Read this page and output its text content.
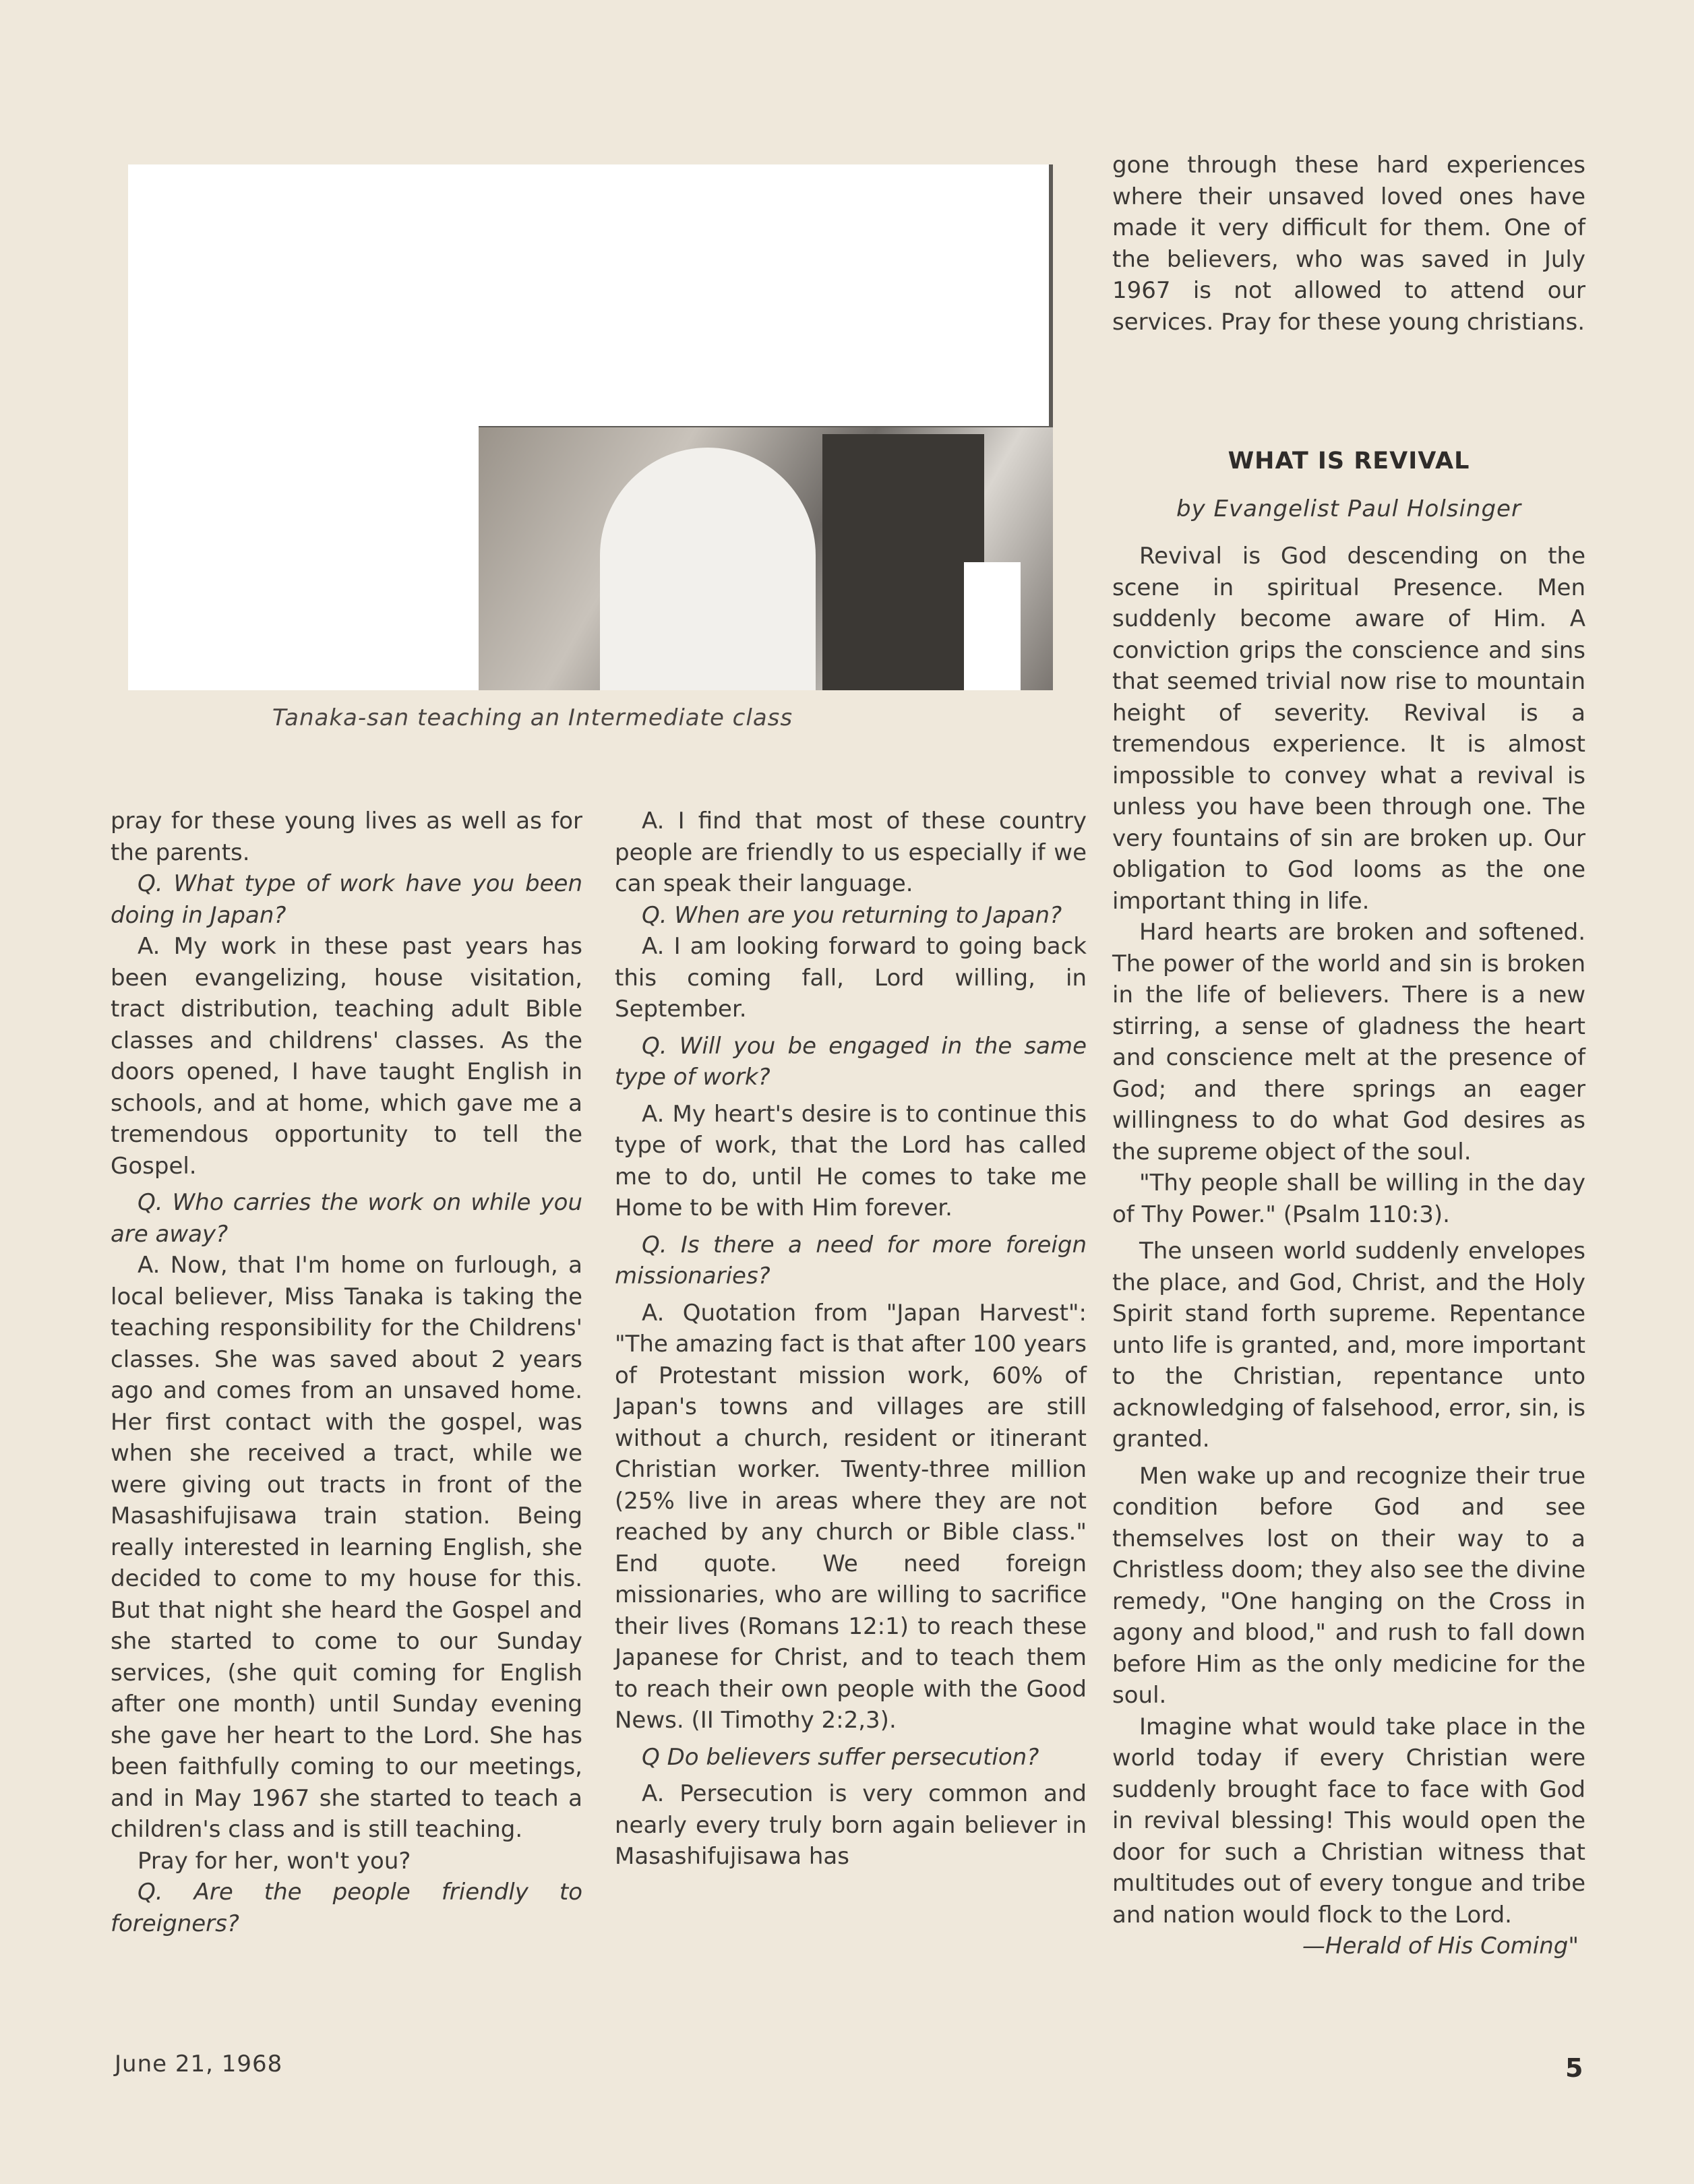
Tanaka-san teaching an Intermediate class

pray for these young lives as well as for the parents.

Q. What type of work have you been doing in Japan?

A. My work in these past years has been evangelizing, house visitation, tract distribution, teaching adult Bible classes and childrens' classes. As the doors opened, I have taught English in schools, and at home, which gave me a tremendous opportunity to tell the Gospel.

Q. Who carries the work on while you are away?

A. Now, that I'm home on furlough, a local believer, Miss Tanaka is taking the teaching responsibility for the Childrens' classes. She was saved about 2 years ago and comes from an unsaved home. Her first contact with the gospel, was when she received a tract, while we were giving out tracts in front of the Masashifujisawa train station. Being really interested in learning English, she decided to come to my house for this. But that night she heard the Gospel and she started to come to our Sunday services, (she quit coming for English after one month) until Sunday evening she gave her heart to the Lord. She has been faithfully coming to our meetings, and in May 1967 she started to teach a children's class and is still teaching.

Pray for her, won't you?

Q. Are the people friendly to foreigners?

A. I find that most of these country people are friendly to us especially if we can speak their language.

Q. When are you returning to Japan?

A. I am looking forward to going back this coming fall, Lord willing, in September.

Q. Will you be engaged in the same type of work?

A. My heart's desire is to continue this type of work, that the Lord has called me to do, until He comes to take me Home to be with Him forever.

Q. Is there a need for more foreign missionaries?

A. Quotation from "Japan Harvest": "The amazing fact is that after 100 years of Protestant mission work, 60% of Japan's towns and villages are still without a church, resident or itinerant Christian worker. Twenty-three million (25% live in areas where they are not reached by any church or Bible class." End quote. We need foreign missionaries, who are willing to sacrifice their lives (Romans 12:1) to reach these Japanese for Christ, and to teach them to reach their own people with the Good News. (II Timothy 2:2,3).

Q Do believers suffer persecution?

A. Persecution is very common and nearly every truly born again believer in Masashifujisawa has

gone through these hard experiences where their unsaved loved ones have made it very difficult for them. One of the believers, who was saved in July 1967 is not allowed to attend our services. Pray for these young christians.

WHAT IS REVIVAL
by Evangelist Paul Holsinger

Revival is God descending on the scene in spiritual Presence. Men suddenly become aware of Him. A conviction grips the conscience and sins that seemed trivial now rise to mountain height of severity. Revival is a tremendous experience. It is almost impossible to convey what a revival is unless you have been through one. The very fountains of sin are broken up. Our obligation to God looms as the one important thing in life.

Hard hearts are broken and softened. The power of the world and sin is broken in the life of believers. There is a new stirring, a sense of gladness the heart and conscience melt at the presence of God; and there springs an eager willingness to do what God desires as the supreme object of the soul.

"Thy people shall be willing in the day of Thy Power." (Psalm 110:3).

The unseen world suddenly envelopes the place, and God, Christ, and the Holy Spirit stand forth supreme. Repentance unto life is granted, and, more important to the Christian, repentance unto acknowledging of falsehood, error, sin, is granted.

Men wake up and recognize their true condition before God and see themselves lost on their way to a Christless doom; they also see the divine remedy, "One hanging on the Cross in agony and blood," and rush to fall down before Him as the only medicine for the soul.

Imagine what would take place in the world today if every Christian were suddenly brought face to face with God in revival blessing! This would open the door for such a Christian witness that multitudes out of every tongue and tribe and nation would flock to the Lord.

—Herald of His Coming"

June 21, 1968	5
